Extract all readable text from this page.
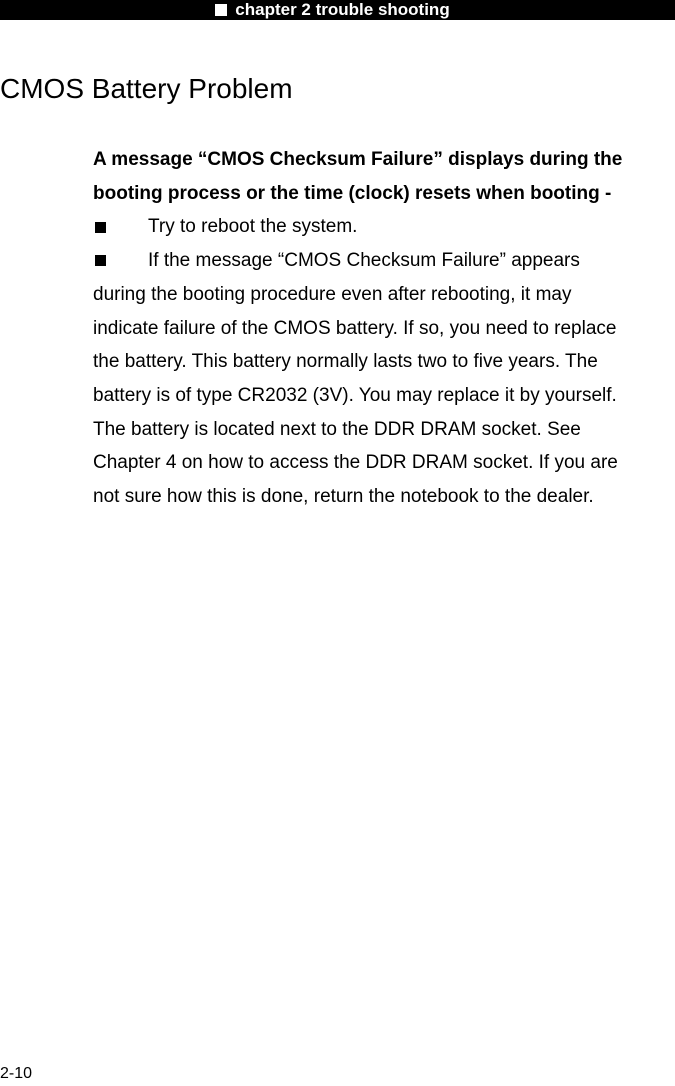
chapter 2 trouble shooting
CMOS Battery Problem
A message “CMOS Checksum Failure” displays during the
booting process or the time (clock) resets when booting -
Try to reboot the system.
If the message “CMOS Checksum Failure” appears
during the booting procedure even after rebooting, it may
indicate failure of the CMOS battery. If so, you need to replace
the battery. This battery normally lasts two to five years. The
battery is of type CR2032 (3V). You may replace it by yourself.
The battery is located next to the DDR DRAM socket. See
Chapter 4 on how to access the DDR DRAM socket. If you are
not sure how this is done, return the notebook to the dealer.
2-10
